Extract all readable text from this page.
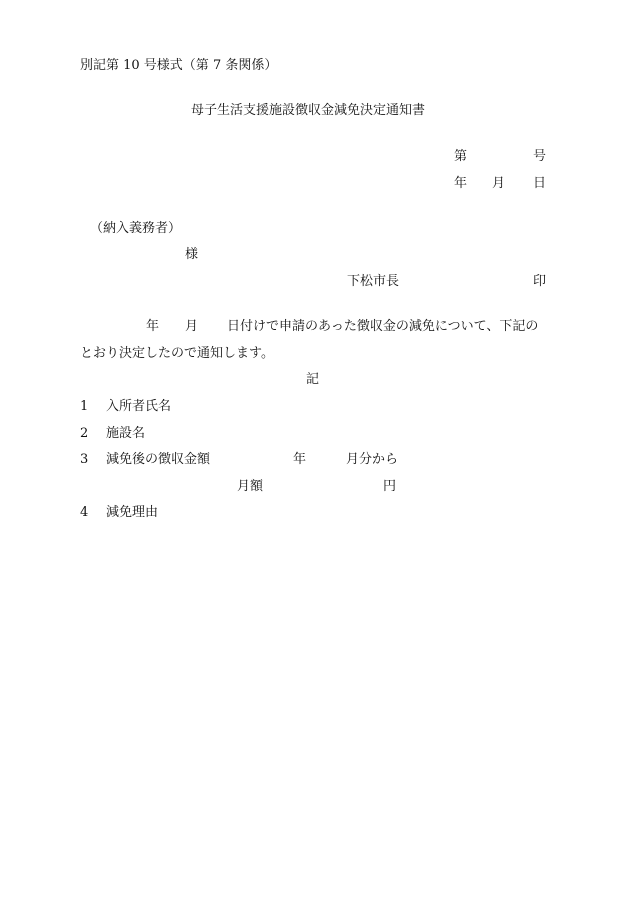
別記第 10 号様式（第 7 条関係）
母子生活支援施設徴収金減免決定通知書
第	号
年 月 日
（納入義務者）
様
下松市長	印
年 月 日付けで申請のあった徴収金の減免について、下記の
とおり決定したので通知します。
記
1 入所者氏名
2 施設名
3 減免後の徴収金額	年	月分から
月額	円
4 減免理由
